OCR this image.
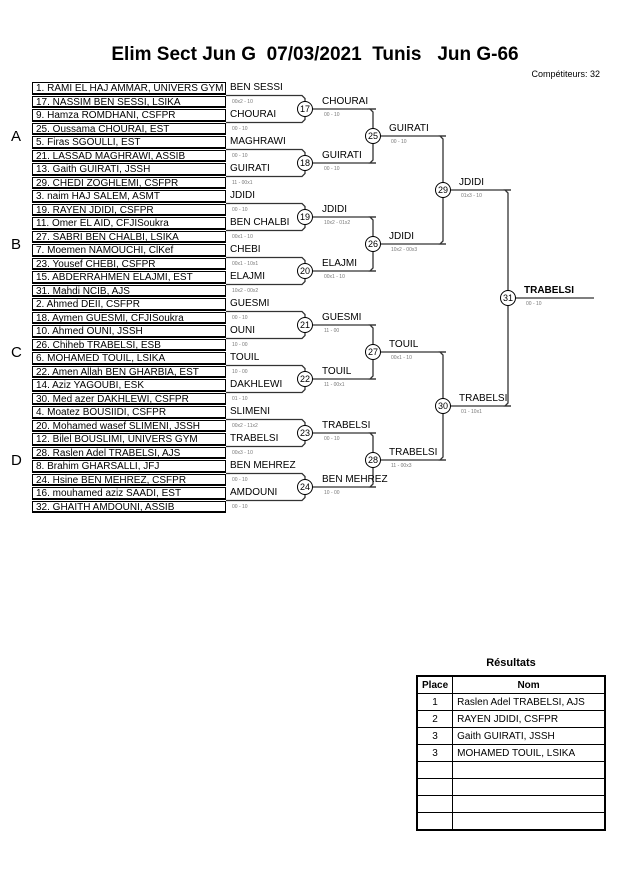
Elim Sect Jun G  07/03/2021  Tunis   Jun G-66
Compétiteurs: 32
1. RAMI EL HAJ AMMAR, UNIVERS GYM
17. NASSIM BEN SESSI, LSIKA
9. Hamza ROMDHANI, CSFPR
25. Oussama CHOURAI, EST
5. Firas SGOULLI, EST
21. LASSAD MAGHRAWI, ASSIB
13. Gaith GUIRATI, JSSH
29. CHEDI ZOGHLEMI, CSFPR
3. naim HAJ SALEM, ASMT
19. RAYEN JDIDI, CSFPR
11. Omer EL AID, CFJISoukra
27. SABRI BEN CHALBI, LSIKA
7. Moemen NAMOUCHI, ClKef
23. Yousef CHEBI, CSFPR
15. ABDERRAHMEN ELAJMI, EST
31. Mahdi NCIB, AJS
2. Ahmed DEII, CSFPR
18. Aymen GUESMI, CFJISoukra
10. Ahmed OUNI, JSSH
26. Chiheb TRABELSI, ESB
6. MOHAMED TOUIL, LSIKA
22. Amen Allah BEN GHARBIA, EST
14. Aziz YAGOUBI, ESK
30. Med azer DAKHLEWI, CSFPR
4. Moatez BOUSIIDI, CSFPR
20. Mohamed wasef SLIMENI, JSSH
12. Bilel BOUSLIMI, UNIVERS GYM
28. Raslen Adel TRABELSI, AJS
8. Brahim GHARSALLI, JFJ
24. Hsine BEN MEHREZ, CSFPR
16. mouhamed aziz SAADI, EST
32. GHAITH AMDOUNI, ASSIB
A
B
C
D
BEN SESSI
00x2 - 10
CHOURAI
00 - 10
MAGHRAWI
00 - 10
GUIRATI
11 - 00x1
JDIDI
00 - 10
BEN CHALBI
00x1 - 10
CHEBI
00x1 - 10x1
ELAJMI
10x2 - 00x2
GUESMI
00 - 10
OUNI
10 - 00
TOUIL
10 - 00
DAKHLEWI
01 - 10
SLIMENI
00x2 - 11x2
TRABELSI
00x3 - 10
BEN MEHREZ
00 - 10
AMDOUNI
00 - 10
17
CHOURAI
00 - 10
18
GUIRATI
00 - 10
19
JDIDI
10x2 - 01x2
20
ELAJMI
00x1 - 10
21
GUESMI
11 - 00
22
TOUIL
11 - 00x1
23
TRABELSI
00 - 10
24
BEN MEHREZ
10 - 00
25
GUIRATI
00 - 10
26
JDIDI
10x2 - 00x3
27
TOUIL
00x1 - 10
28
TRABELSI
11 - 00x3
29
JDIDI
01x3 - 10
30
TRABELSI
01 - 10x1
31
TRABELSI
00 - 10
Résultats
Place	Nom
1	Raslen Adel TRABELSI, AJS
2	RAYEN JDIDI, CSFPR
3	Gaith GUIRATI, JSSH
3	MOHAMED TOUIL, LSIKA
